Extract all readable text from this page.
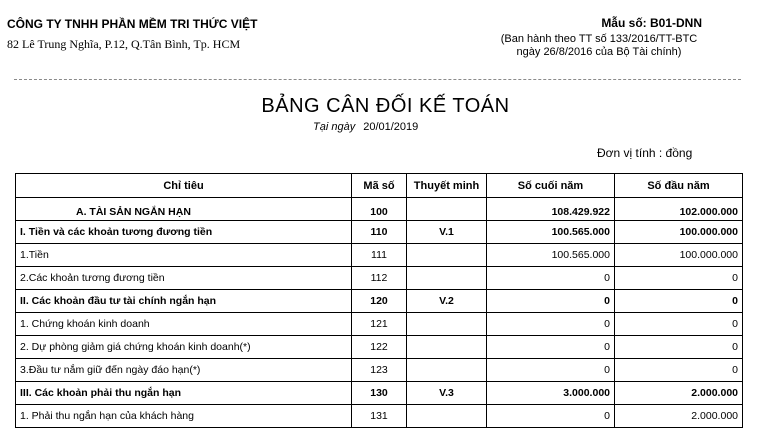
CÔNG TY TNHH PHẦN MỀM TRI THỨC VIỆT
82 Lê Trung Nghĩa, P.12, Q.Tân Bình, Tp. HCM
Mẫu số: B01-DNN
(Ban hành theo TT số 133/2016/TT-BTC
ngày 26/8/2016 của Bộ Tài chính)
BẢNG CÂN ĐỐI KẾ TOÁN
Tại ngày 20/01/2019
Đơn vị tính : đồng
Chỉ tiêu	Mã số	Thuyết minh	Số cuối năm	Số đầu năm
A. TÀI SẢN NGẮN HẠN	100		108.429.922	102.000.000
I. Tiền và các khoản tương đương tiền	110	V.1	100.565.000	100.000.000
1.Tiền	111		100.565.000	100.000.000
2.Các khoản tương đương tiền	112		0	0
II. Các khoản đầu tư tài chính ngắn hạn	120	V.2	0	0
1. Chứng khoán kinh doanh	121		0	0
2. Dự phòng giảm giá chứng khoán kinh doanh(*)	122		0	0
3.Đầu tư nắm giữ đến ngày đáo hạn(*)	123		0	0
III. Các khoản phải thu ngắn hạn	130	V.3	3.000.000	2.000.000
1. Phải thu ngắn hạn của khách hàng	131		0	2.000.000
